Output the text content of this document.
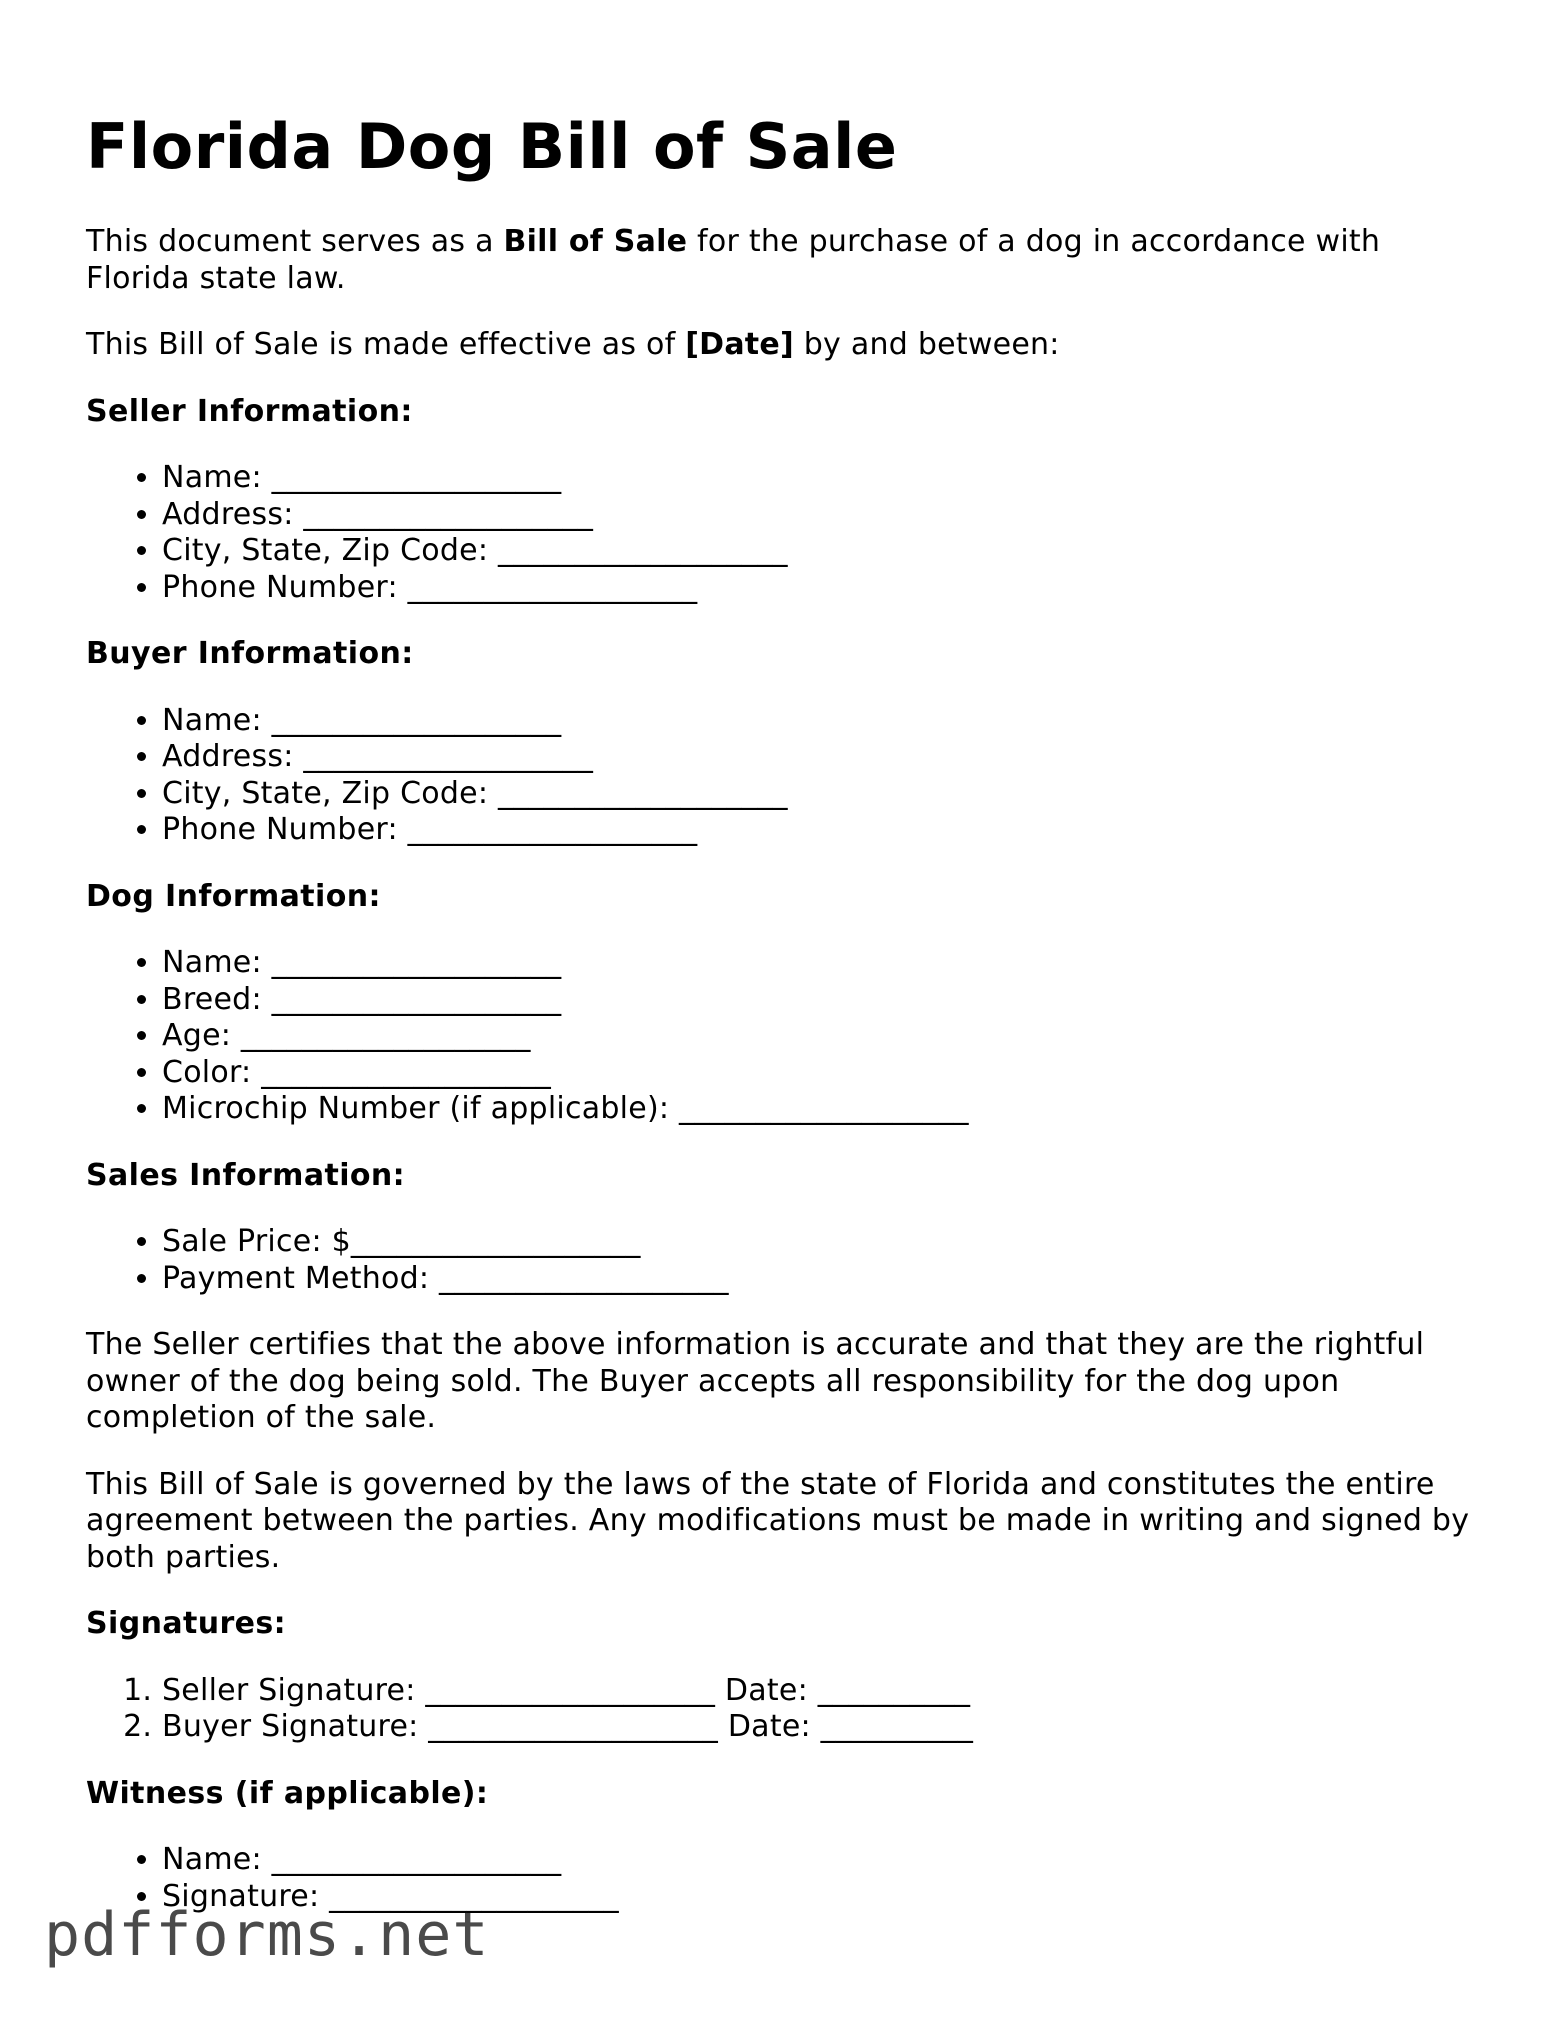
Florida Dog Bill of Sale

This document serves as a Bill of Sale for the purchase of a dog in accordance with Florida state law.

This Bill of Sale is made effective as of [Date] by and between:

Seller Information:
• Name: ___________________
• Address: ___________________
• City, State, Zip Code: ___________________
• Phone Number: ___________________
Buyer Information:
• Name: ___________________
• Address: ___________________
• City, State, Zip Code: ___________________
• Phone Number: ___________________
Dog Information:
• Name: ___________________
• Breed: ___________________
• Age: ___________________
• Color: ___________________
• Microchip Number (if applicable): ___________________
Sales Information:
• Sale Price: $___________________
• Payment Method: ___________________

The Seller certifies that the above information is accurate and that they are the rightful owner of the dog being sold. The Buyer accepts all responsibility for the dog upon completion of the sale.

This Bill of Sale is governed by the laws of the state of Florida and constitutes the entire agreement between the parties. Any modifications must be made in writing and signed by both parties.

Signatures:
1. Seller Signature: ___________________ Date: __________
2. Buyer Signature: ___________________ Date: __________
Witness (if applicable):
• Name: ___________________
• Signature: ___________________
pdfforms.net
